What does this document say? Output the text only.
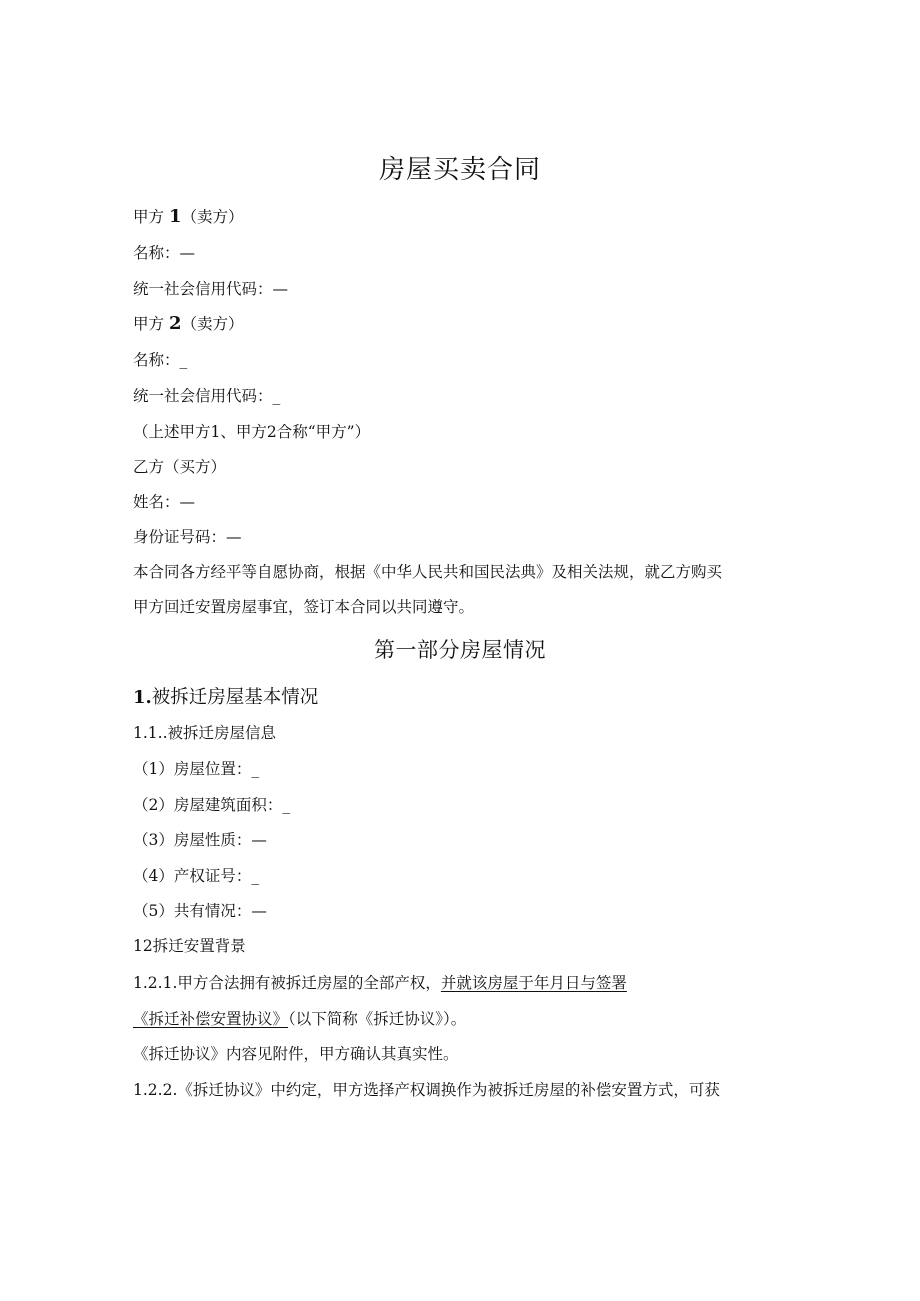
房屋买卖合同
甲方 1（卖方）
名称：—
统一社会信用代码：—
甲方 2（卖方）
名称：_
统一社会信用代码：_
（上述甲方1、甲方2合称“甲方”）
乙方（买方）
姓名：—
身份证号码：—
本合同各方经平等自愿协商，根据《中华人民共和国民法典》及相关法规，就乙方购买
甲方回迁安置房屋事宜，签订本合同以共同遵守。
第一部分房屋情况
1.被拆迁房屋基本情况
1.1..被拆迁房屋信息
（1）房屋位置：_
（2）房屋建筑面积：_
（3）房屋性质：—
（4）产权证号：_
（5）共有情况：—
12拆迁安置背景
1.2.1.甲方合法拥有被拆迁房屋的全部产权，并就该房屋于年月日与签署
《拆迁补偿安置协议》（以下简称《拆迁协议》）。
《拆迁协议》内容见附件，甲方确认其真实性。
1.2.2.《拆迁协议》中约定，甲方选择产权调换作为被拆迁房屋的补偿安置方式，可获
